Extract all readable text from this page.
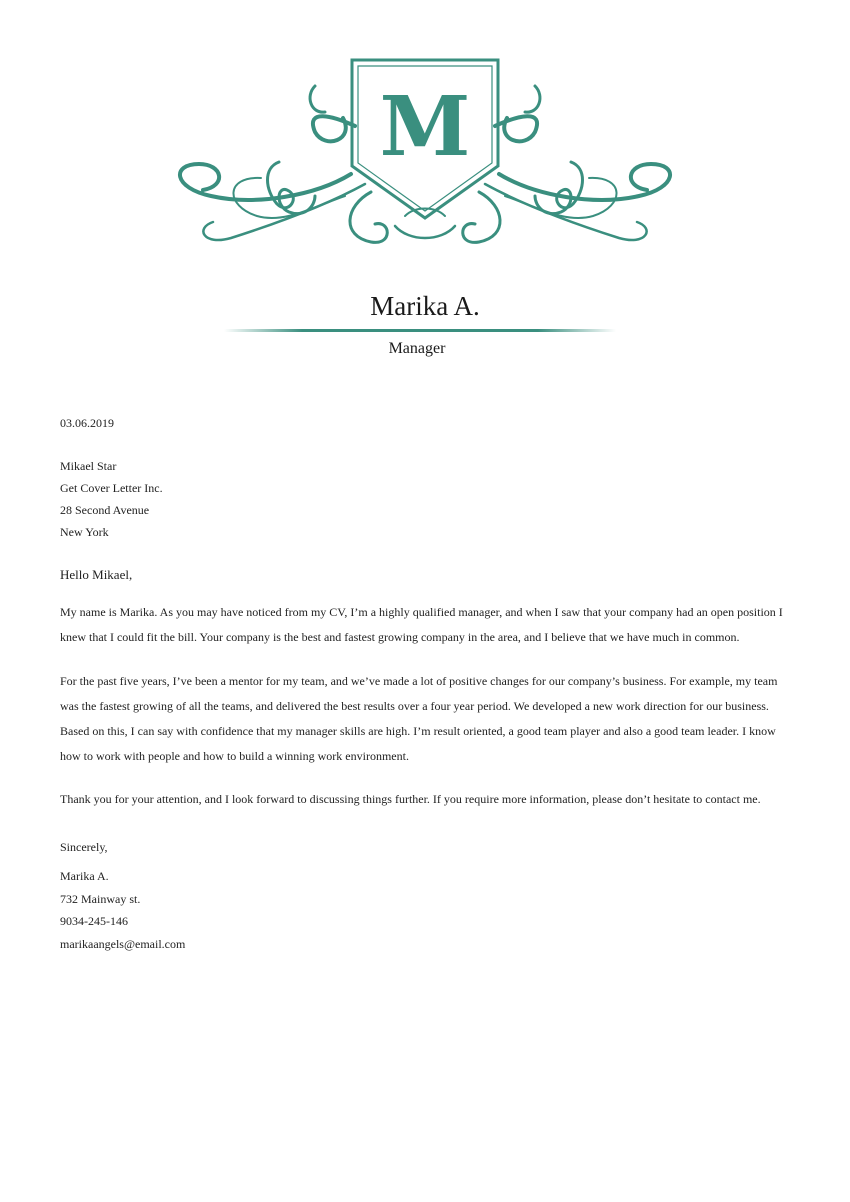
M
Marika A.
Manager
03.06.2019
Mikael Star
Get Cover Letter Inc.
28 Second Avenue
New York
Hello Mikael,

My name is Marika. As you may have noticed from my CV, I’m a highly qualified manager, and when I saw that your company had an open position I knew that I could fit the bill. Your company is the best and fastest growing company in the area, and I believe that we have much in common.

For the past five years, I’ve been a mentor for my team, and we’ve made a lot of positive changes for our company’s business. For example, my team was the fastest growing of all the teams, and delivered the best results over a four year period. We developed a new work direction for our business.

Based on this, I can say with confidence that my manager skills are high. I’m result oriented, a good team player and also a good team leader. I know how to work with people and how to build a winning work environment.

Thank you for your attention, and I look forward to discussing things further. If you require more information, please don’t hesitate to contact me.

Sincerely,
Marika A.
732 Mainway st.
9034-245-146
marikaangels@email.com
